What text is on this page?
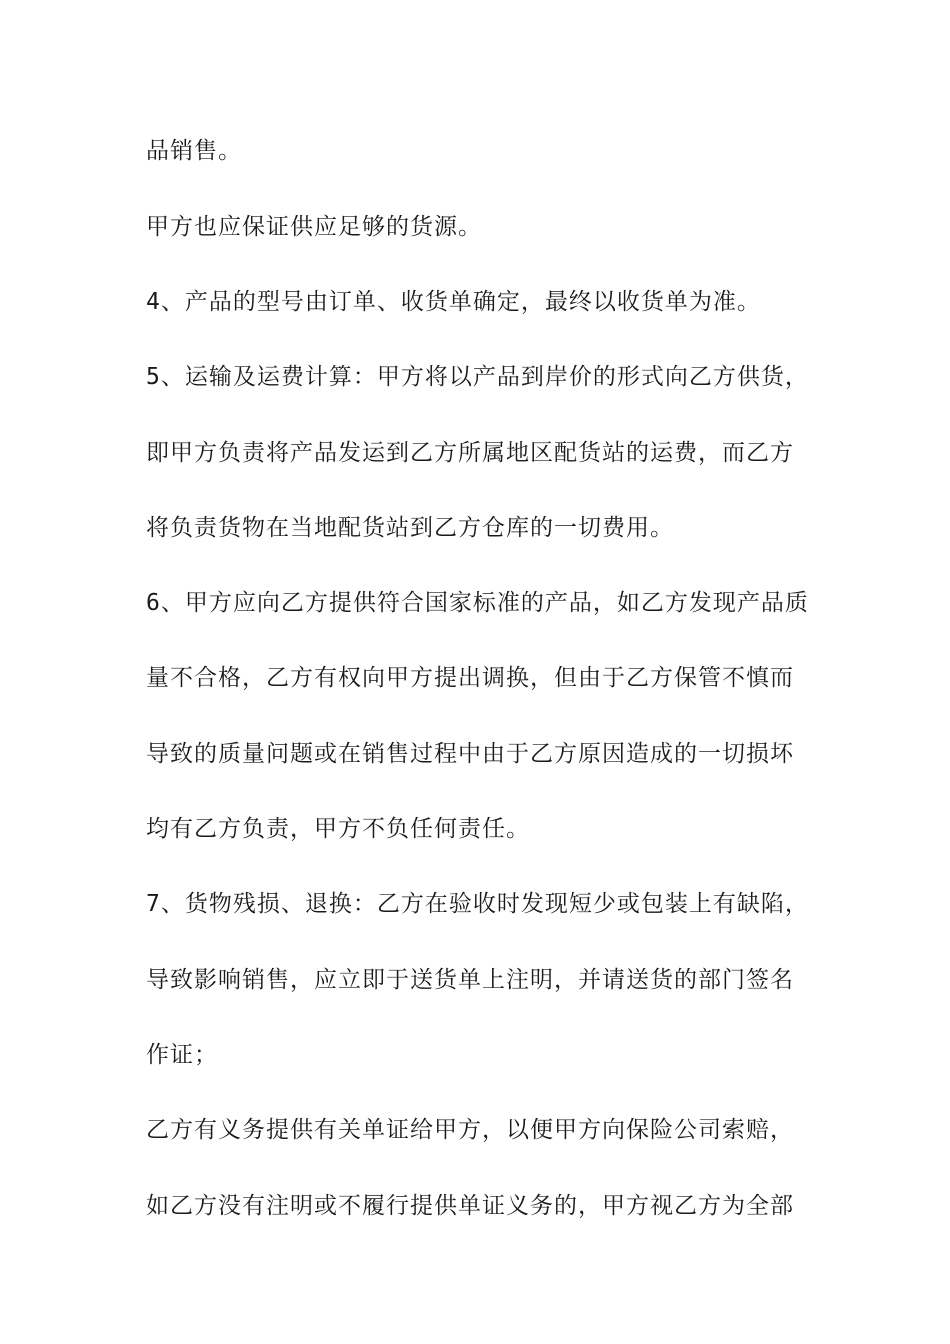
品销售。
甲方也应保证供应足够的货源。
4、产品的型号由订单、收货单确定，最终以收货单为准。
5、运输及运费计算：甲方将以产品到岸价的形式向乙方供货，
即甲方负责将产品发运到乙方所属地区配货站的运费，而乙方
将负责货物在当地配货站到乙方仓库的一切费用。
6、甲方应向乙方提供符合国家标准的产品，如乙方发现产品质
量不合格，乙方有权向甲方提出调换，但由于乙方保管不慎而
导致的质量问题或在销售过程中由于乙方原因造成的一切损坏
均有乙方负责，甲方不负任何责任。
7、货物残损、退换：乙方在验收时发现短少或包装上有缺陷，
导致影响销售，应立即于送货单上注明，并请送货的部门签名
作证；
乙方有义务提供有关单证给甲方，以便甲方向保险公司索赔，
如乙方没有注明或不履行提供单证义务的，甲方视乙方为全部
